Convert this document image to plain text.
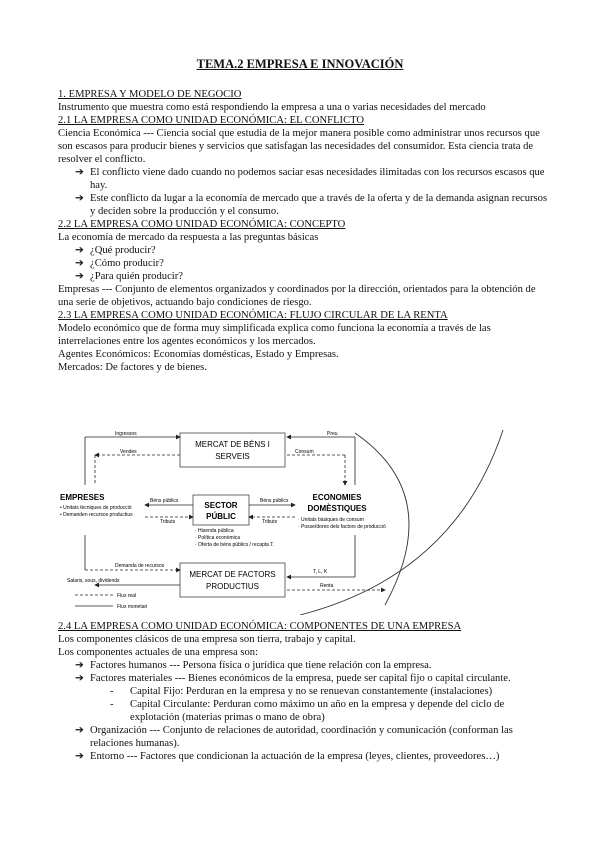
TEMA.2 EMPRESA E INNOVACIÓN

1. EMPRESA Y MODELO DE NEGOCIO

Instrumento que muestra como está respondiendo la empresa a una o varias necesidades del mercado

2.1 LA EMPRESA COMO UNIDAD ECONÓMICA: EL CONFLICTO

Ciencia Económica --- Ciencia social que estudia de la mejor manera posible como administrar unos recursos que son escasos para producir bienes y servicios que satisfagan las necesidades del consumidor. Esta ciencia trata de resolver el conflicto.

➔ El conflicto viene dado cuando no podemos saciar esas necesidades ilimitadas con los recursos escasos que hay.
➔ Este conflicto da lugar a la economía de mercado que a través de la oferta y de la demanda asignan recursos y deciden sobre la producción y el consumo.

2.2 LA EMPRESA COMO UNIDAD ECONÓMICA: CONCEPTO

La economía de mercado da respuesta a las preguntas básicas

➔ ¿Qué producir?
➔ ¿Cómo producir?
➔ ¿Para quién producir?

Empresas --- Conjunto de elementos organizados y coordinados por la dirección, orientados para la obtención de una serie de objetivos, actuando bajo condiciones de riesgo.

2.3 LA EMPRESA COMO UNIDAD ECONÓMICA: FLUJO CIRCULAR DE LA RENTA

Modelo económico que de forma muy simplificada explica como funciona la economía a través de las interrelaciones entre los agentes económicos y los mercados.

Agentes Económicos: Economías domésticas, Estado y Empresas.

Mercados: De factores y de bienes.

MERCAT DE BÉNS I
SERVEIS
SECTOR
PÚBLIC
MERCAT DE FACTORS
PRODUCTIUS
EMPRESES
• Unitats tècniques de producció
• Demanden recursos productius
ECONOMIES
DOMÈSTIQUES
· Unitats bàsiques de consum
· Posseïdores dels factors de producció
· Hisenda pública
· Política econòmica
· Oferta de béns públics / recapta T.
Ingressos
Vendes
Preu
Consum
Béns públics
Tributs
Béns públics
Tributs
Demanda de recursos
Salaris, sous, dividends
T, L, K
Renta
Flux real
Flux monetari

2.4 LA EMPRESA COMO UNIDAD ECONÓMICA: COMPONENTES DE UNA EMPRESA

Los componentes clásicos de una empresa son tierra, trabajo y capital.

Los componentes actuales de una empresa son:

➔ Factores humanos --- Persona física o jurídica que tiene relación con la empresa.
➔ Factores materiales --- Bienes económicos de la empresa, puede ser capital fijo o capital circulante.
- Capital Fijo: Perduran en la empresa y no se renuevan constantemente (instalaciones)
- Capital Circulante: Perduran como máximo un año en la empresa y depende del ciclo de explotación (materias primas o mano de obra)
➔ Organización --- Conjunto de relaciones de autoridad, coordinación y comunicación (conforman las relaciones humanas).
➔ Entorno --- Factores que condicionan la actuación de la empresa (leyes, clientes, proveedores…)
